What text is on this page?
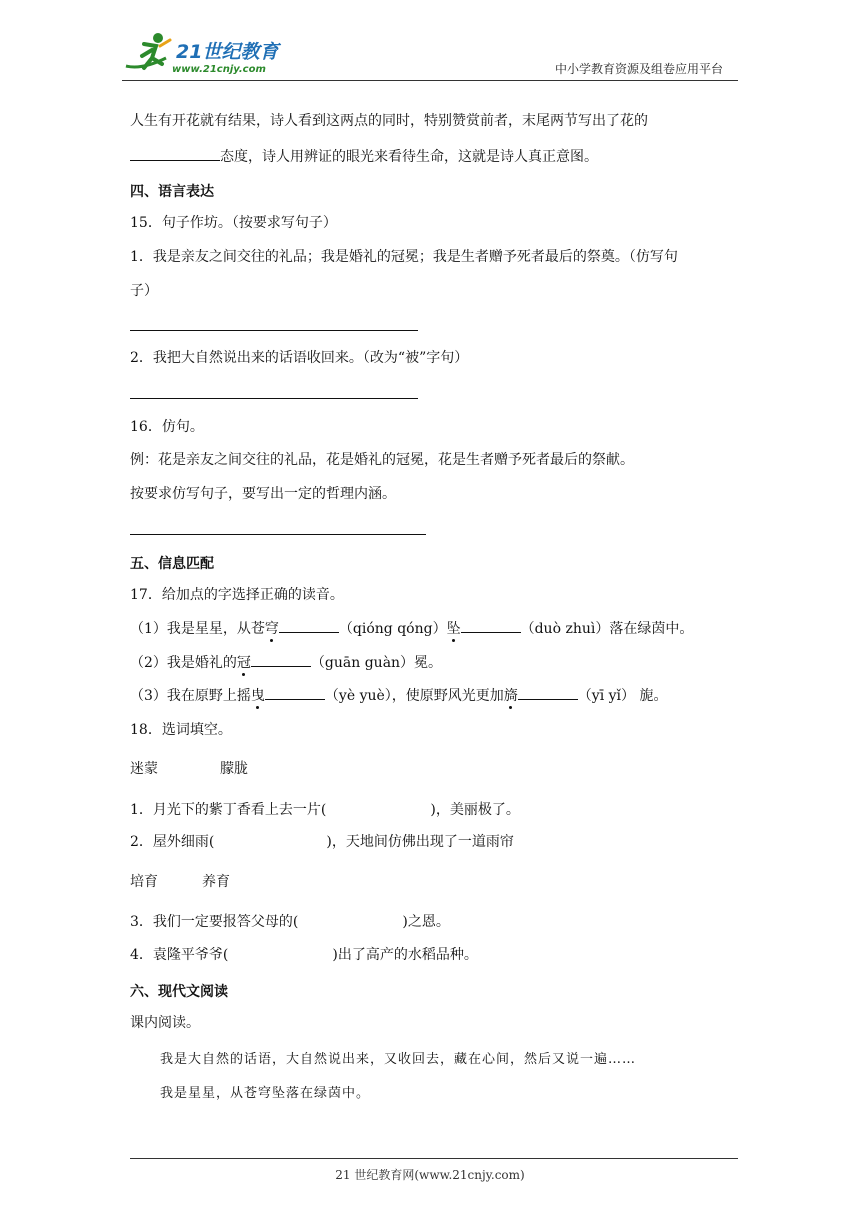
21世纪教育
www.21cnjy.com	中小学教育资源及组卷应用平台
人生有开花就有结果，诗人看到这两点的同时，特别赞赏前者，末尾两节写出了花的
态度，诗人用辨证的眼光来看待生命，这就是诗人真正意图。
四、语言表达
15．句子作坊。（按要求写句子）
1．我是亲友之间交往的礼品；我是婚礼的冠冕；我是生者赠予死者最后的祭奠。（仿写句
子）
2．我把大自然说出来的话语收回来。（改为“被”字句）
16．仿句。
例：花是亲友之间交往的礼品，花是婚礼的冠冕，花是生者赠予死者最后的祭献。
按要求仿写句子，要写出一定的哲理内涵。
五、信息匹配
17．给加点的字选择正确的读音。
（1）我是星星，从苍穹	（qióng qóng）坠	（duò zhuì）落在绿茵中。
（2）我是婚礼的冠	（guān guàn）冕。
（3）我在原野上摇曳	（yè yuè），使原野风光更加旖	（yī yǐ） 旎。
18．选词填空。
迷蒙	朦胧
1．月光下的紫丁香看上去一片(	)，美丽极了。
2．屋外细雨(	)，天地间仿佛出现了一道雨帘
培育	养育
3．我们一定要报答父母的(	)之恩。
4．袁隆平爷爷(	)出了高产的水稻品种。
六、现代文阅读
课内阅读。
我是大自然的话语，大自然说出来，又收回去，藏在心间，然后又说一遍……
我是星星，从苍穹坠落在绿茵中。
21 世纪教育网(www.21cnjy.com)
